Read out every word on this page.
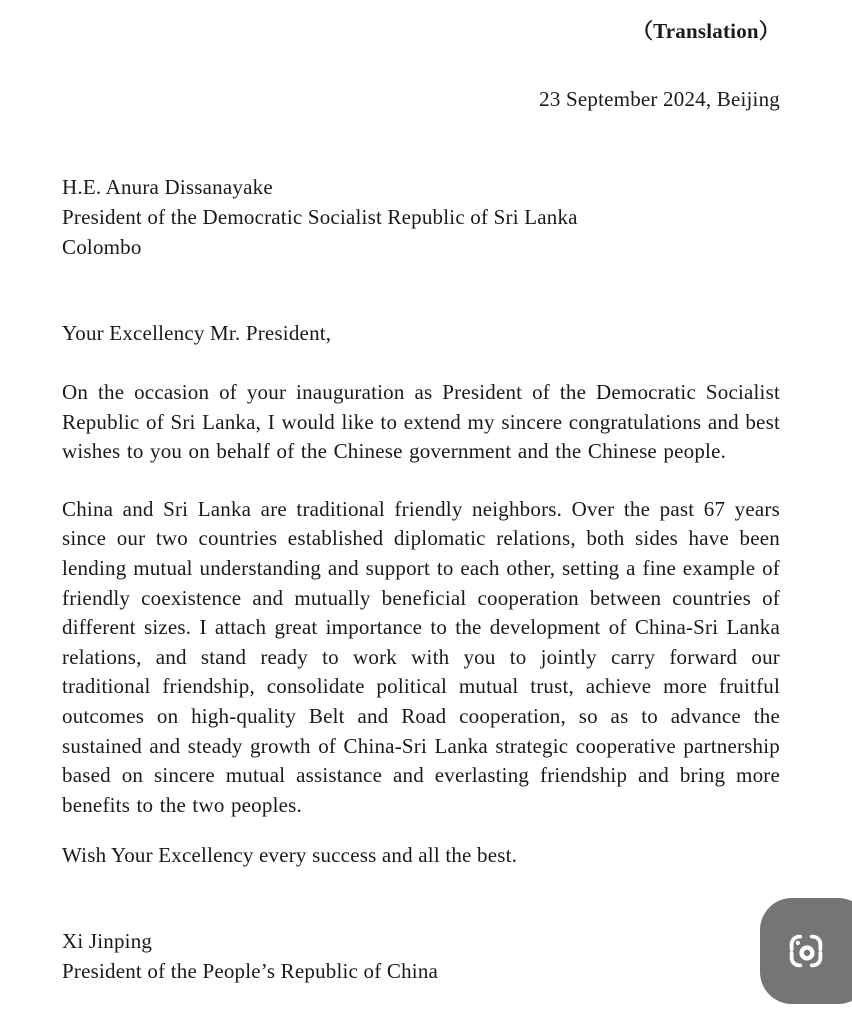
（Translation）
23 September 2024, Beijing
H.E. Anura Dissanayake
President of the Democratic Socialist Republic of Sri Lanka
Colombo
Your Excellency Mr. President,

On the occasion of your inauguration as President of the Democratic Socialist Republic of Sri Lanka, I would like to extend my sincere congratulations and best wishes to you on behalf of the Chinese government and the Chinese people.

China and Sri Lanka are traditional friendly neighbors. Over the past 67 years since our two countries established diplomatic relations, both sides have been lending mutual understanding and support to each other, setting a fine example of friendly coexistence and mutually beneficial cooperation between countries of different sizes. I attach great importance to the development of China-Sri Lanka relations, and stand ready to work with you to jointly carry forward our traditional friendship, consolidate political mutual trust, achieve more fruitful outcomes on high-quality Belt and Road cooperation, so as to advance the sustained and steady growth of China-Sri Lanka strategic cooperative partnership based on sincere mutual assistance and everlasting friendship and bring more benefits to the two peoples.

Wish Your Excellency every success and all the best.
Xi Jinping
President of the People’s Republic of China
